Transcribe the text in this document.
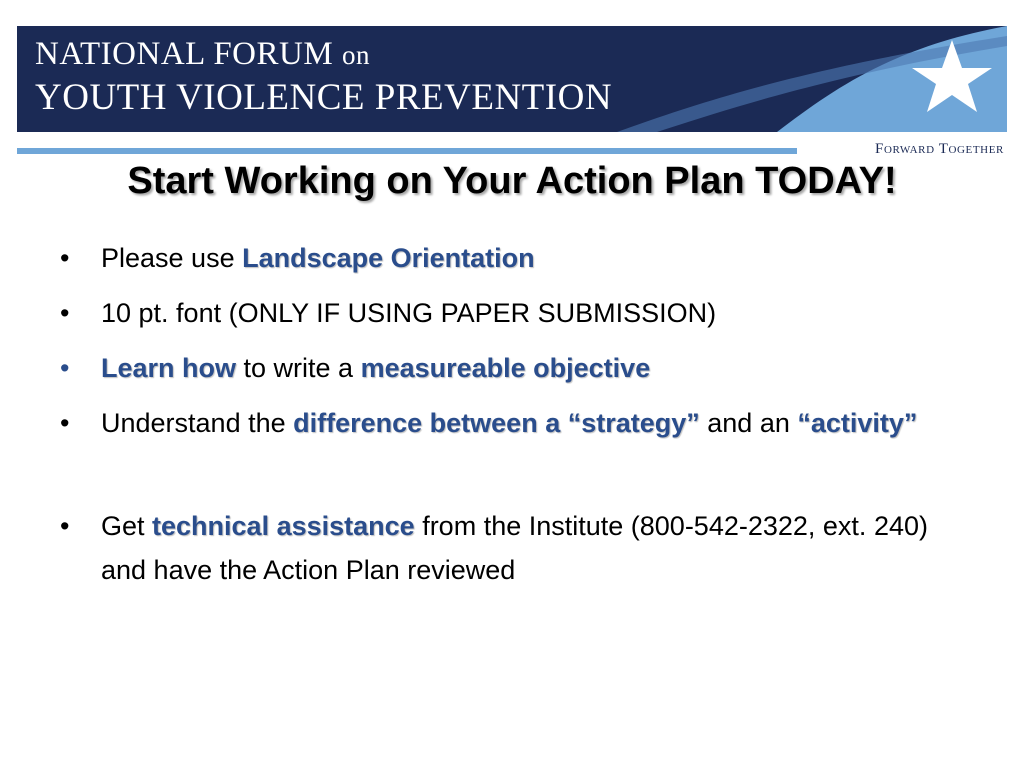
NATIONAL FORUM on
YOUTH VIOLENCE PREVENTION
Forward Together
Start Working on Your Action Plan TODAY!
• Please use Landscape Orientation
• 10 pt. font (ONLY IF USING PAPER SUBMISSION)
• Learn how to write a measureable objective
• Understand the difference between a “strategy” and an “activity”
• Get technical assistance from the Institute (800-542-2322, ext. 240) and have the Action Plan reviewed
